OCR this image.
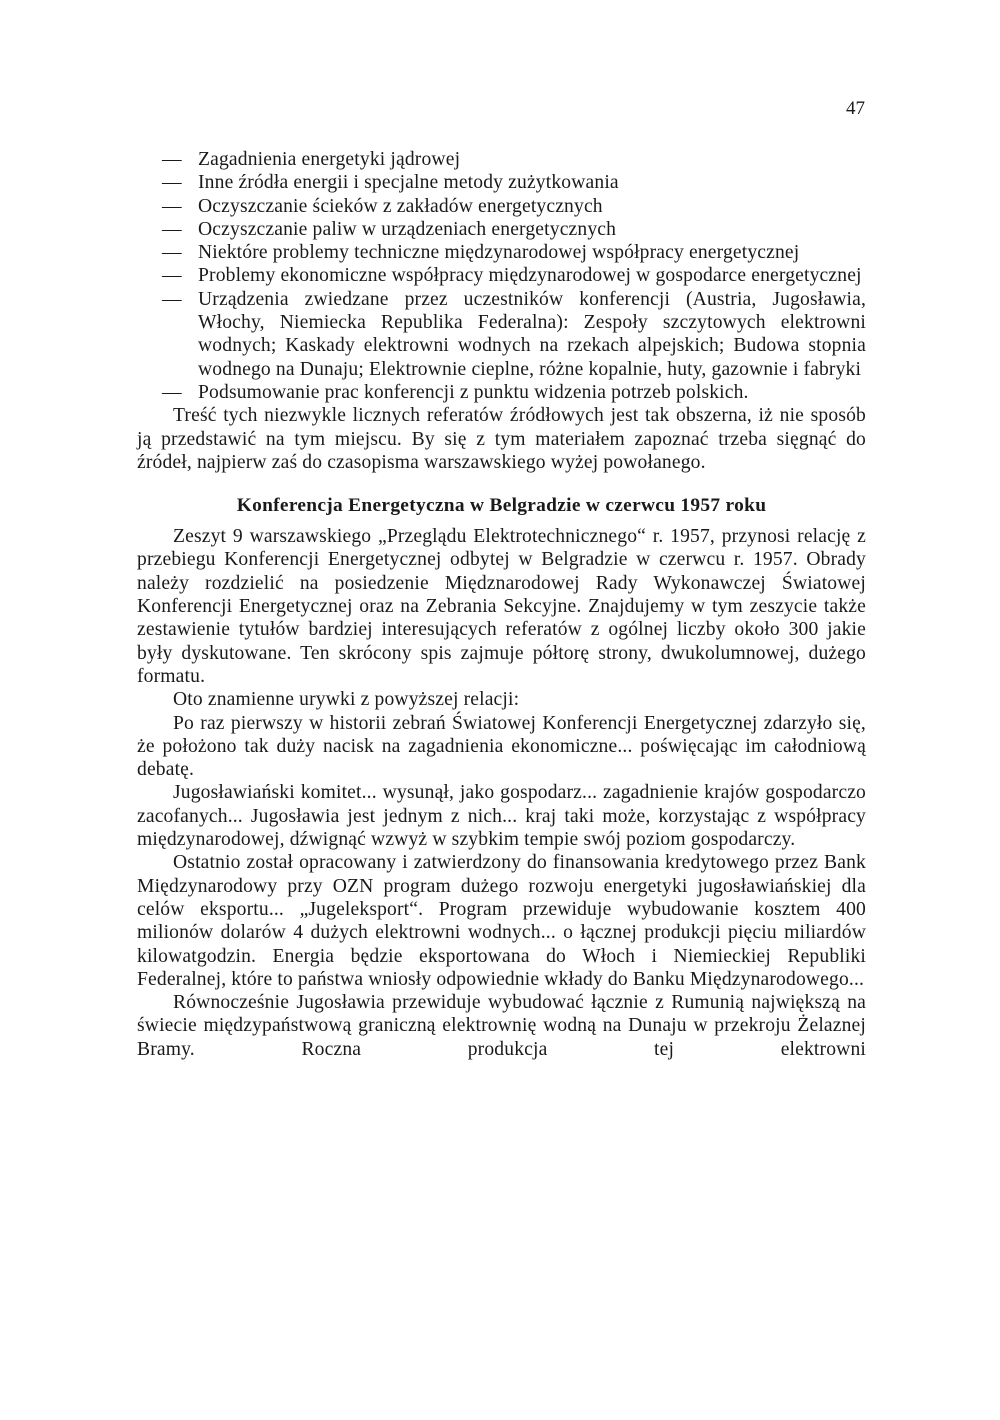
47
— Zagadnienia energetyki jądrowej
— Inne źródła energii i specjalne metody zużytkowania
— Oczyszczanie ścieków z zakładów energetycznych
— Oczyszczanie paliw w urządzeniach energetycznych
— Niektóre problemy techniczne międzynarodowej współpracy energetycznej
— Problemy ekonomiczne współpracy międzynarodowej w gospodarce energetycznej
— Urządzenia zwiedzane przez uczestników konferencji (Austria, Jugosławia, Włochy, Niemiecka Republika Federalna): Zespoły szczytowych elektrowni wodnych; Kaskady elektrowni wodnych na rzekach alpejskich; Budowa stopnia wodnego na Dunaju; Elektrownie cieplne, różne kopalnie, huty, gazownie i fabryki
— Podsumowanie prac konferencji z punktu widzenia potrzeb polskich.

Treść tych niezwykle licznych referatów źródłowych jest tak obszerna, iż nie sposób ją przedstawić na tym miejscu. By się z tym materiałem zapoznać trzeba sięgnąć do źródeł, najpierw zaś do czasopisma warszawskiego wyżej powołanego.

Konferencja Energetyczna w Belgradzie w czerwcu 1957 roku

Zeszyt 9 warszawskiego „Przeglądu Elektrotechnicznego“ r. 1957, przynosi relację z przebiegu Konferencji Energetycznej odbytej w Belgradzie w czerwcu r. 1957. Obrady należy rozdzielić na posiedzenie Międznarodowej Rady Wykonawczej Światowej Konferencji Energetycznej oraz na Zebrania Sekcyjne. Znajdujemy w tym zeszycie także zestawienie tytułów bardziej interesujących referatów z ogólnej liczby około 300 jakie były dyskutowane. Ten skrócony spis zajmuje półtorę strony, dwukolumnowej, dużego formatu.

Oto znamienne urywki z powyższej relacji:

Po raz pierwszy w historii zebrań Światowej Konferencji Energetycznej zdarzyło się, że położono tak duży nacisk na zagadnienia ekonomiczne... poświęcając im całodniową debatę.

Jugosławiański komitet... wysunął, jako gospodarz... zagadnienie krajów gospodarczo zacofanych... Jugosławia jest jednym z nich... kraj taki może, korzystając z współpracy międzynarodowej, dźwignąć wzwyż w szybkim tempie swój poziom gospodarczy.

Ostatnio został opracowany i zatwierdzony do finansowania kredytowego przez Bank Międzynarodowy przy OZN program dużego rozwoju energetyki jugosławiańskiej dla celów eksportu... „Jugeleksport“. Program przewiduje wybudowanie kosztem 400 milionów dolarów 4 dużych elektrowni wodnych... o łącznej produkcji pięciu miliardów kilowatgodzin. Energia będzie eksportowana do Włoch i Niemieckiej Republiki Federalnej, które to państwa wniosły odpowiednie wkłady do Banku Międzynarodowego...

Równocześnie Jugosławia przewiduje wybudować łącznie z Rumunią największą na świecie międzypaństwową graniczną elektrownię wodną na Dunaju w przekroju Żelaznej Bramy. Roczna produkcja tej elektrowni
